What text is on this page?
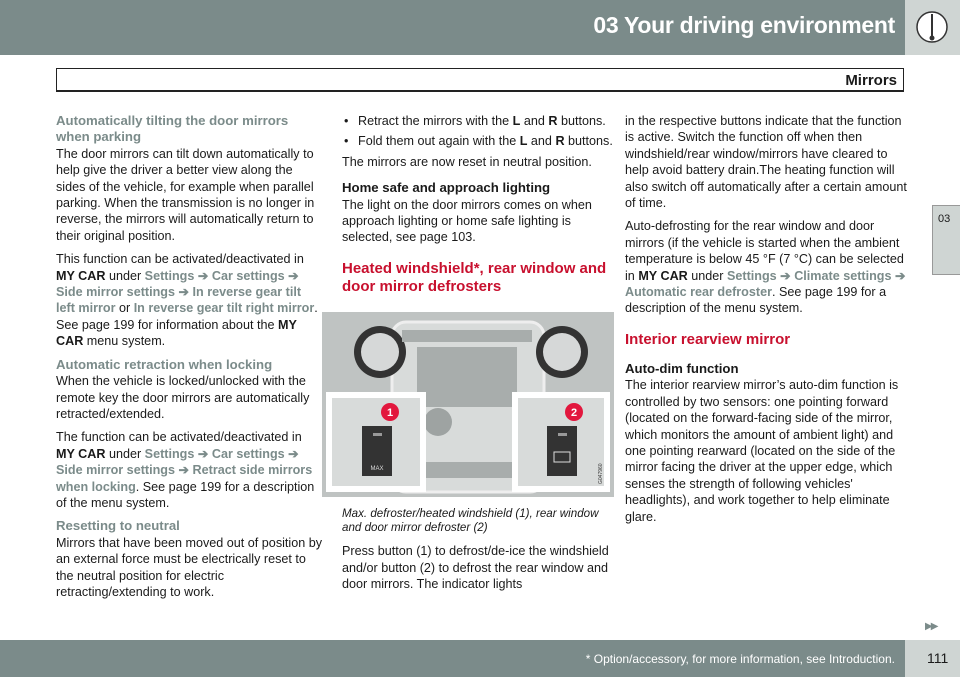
03 Your driving environment
Mirrors
03
Automatically tilting the door mirrors when parking

The door mirrors can tilt down automatically to help give the driver a better view along the sides of the vehicle, for example when parallel parking. When the transmission is no longer in reverse, the mirrors will automatically return to their original position.

This function can be activated/deactivated in MY CAR under Settings ➔ Car settings ➔ Side mirror settings ➔ In reverse gear tilt left mirror or In reverse gear tilt right mirror. See page 199 for information about the MY CAR menu system.

Automatic retraction when locking

When the vehicle is locked/unlocked with the remote key the door mirrors are automatically retracted/extended.

The function can be activated/deactivated in MY CAR under Settings ➔ Car settings ➔ Side mirror settings ➔ Retract side mirrors when locking. See page 199 for a description of the menu system.

Resetting to neutral

Mirrors that have been moved out of position by an external force must be electrically reset to the neutral position for electric retracting/extending to work.

• Retract the mirrors with the L and R buttons.
• Fold them out again with the L and R buttons.

The mirrors are now reset in neutral position.

Home safe and approach lighting

The light on the door mirrors comes on when approach lighting or home safe lighting is selected, see page 103.

Heated windshield*, rear window and door mirror defrosters
MAX
1	2
G047960

Max. defroster/heated windshield (1), rear window and door mirror defroster (2)

Press button (1) to defrost/de-ice the windshield and/or button (2) to defrost the rear window and door mirrors. The indicator lights

in the respective buttons indicate that the function is active. Switch the function off when then windshield/rear window/mirrors have cleared to help avoid battery drain.The heating function will also switch off automatically after a certain amount of time.

Auto-defrosting for the rear window and door mirrors (if the vehicle is started when the ambient temperature is below 45 °F (7 °C) can be selected in MY CAR under Settings ➔ Climate settings ➔ Automatic rear defroster. See page 199 for a description of the menu system.

Interior rearview mirror
Auto-dim function

The interior rearview mirror’s auto-dim function is controlled by two sensors: one pointing forward (located on the forward-facing side of the mirror, which monitors the amount of ambient light) and one pointing rearward (located on the side of the mirror facing the driver at the upper edge, which senses the strength of following vehicles' headlights), and work together to help eliminate glare.

▶▶
* Option/accessory, for more information, see Introduction. 111
